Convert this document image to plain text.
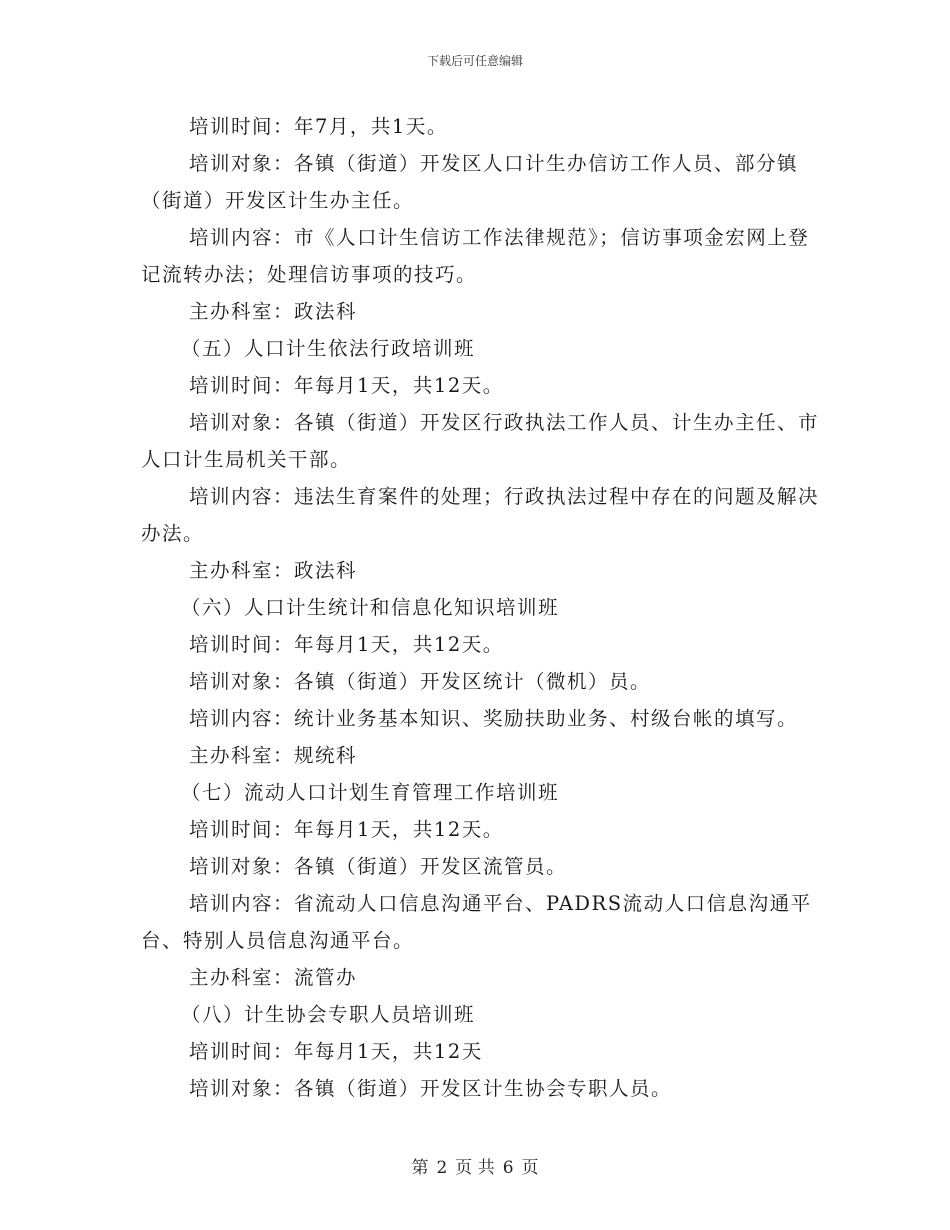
下载后可任意编辑

培训时间：年7月，共1天。

培训对象：各镇（街道）开发区人口计生办信访工作人员、部分镇（街道）开发区计生办主任。

培训内容：市《人口计生信访工作法律规范》；信访事项金宏网上登记流转办法；处理信访事项的技巧。

主办科室：政法科

（五）人口计生依法行政培训班

培训时间：年每月1天，共12天。

培训对象：各镇（街道）开发区行政执法工作人员、计生办主任、市人口计生局机关干部。

培训内容：违法生育案件的处理；行政执法过程中存在的问题及解决办法。

主办科室：政法科

（六）人口计生统计和信息化知识培训班

培训时间：年每月1天，共12天。

培训对象：各镇（街道）开发区统计（微机）员。

培训内容：统计业务基本知识、奖励扶助业务、村级台帐的填写。

主办科室：规统科

（七）流动人口计划生育管理工作培训班

培训时间：年每月1天，共12天。

培训对象：各镇（街道）开发区流管员。

培训内容：省流动人口信息沟通平台、PADRS流动人口信息沟通平台、特别人员信息沟通平台。

主办科室：流管办

（八）计生协会专职人员培训班

培训时间：年每月1天，共12天

培训对象：各镇（街道）开发区计生协会专职人员。

第 2 页 共 6 页
